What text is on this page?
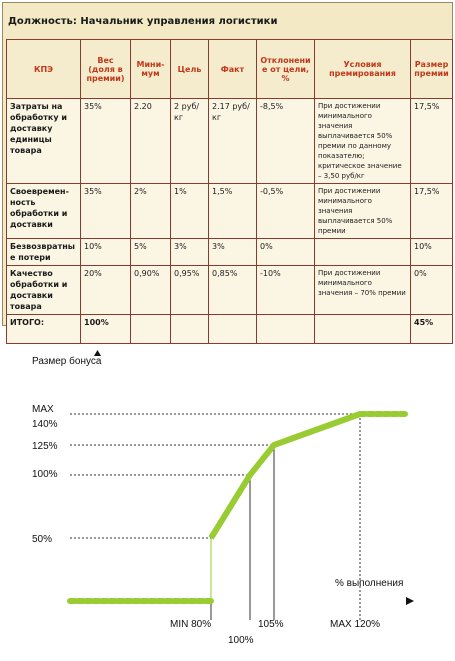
Должность: Начальник управления логистики
КПЭ	Вес (доля в премии)	Мини- мум	Цель	Факт	Отклонение от цели, %	Условия премирования	Размер премии
Затраты на обработку и доставку единицы товара	35%	2.20	2 руб/кг	2.17 руб/кг	-8,5%	При достижении минимального значения выплачивается 50% премии по данному показателю; критическое значение – 3,50 руб/кг	17,5%
Своевремен- ность обработки и доставки	35%	2%	1%	1,5%	-0,5%	При достижении минимального значения выплачивается 50% премии	17,5%
Безвозвратные потери	10%	5%	3%	3%	0%		10%
Качество обработки и доставки товара	20%	0,90%	0,95%	0,85%	-10%	При достижении минимального значения – 70% премии	0%
ИТОГО:	100%						45%
Размер бонуса
% выполнения
50%
100%
125%
140%
MAX
MIN 80%
100%
105%	MAX 120%
